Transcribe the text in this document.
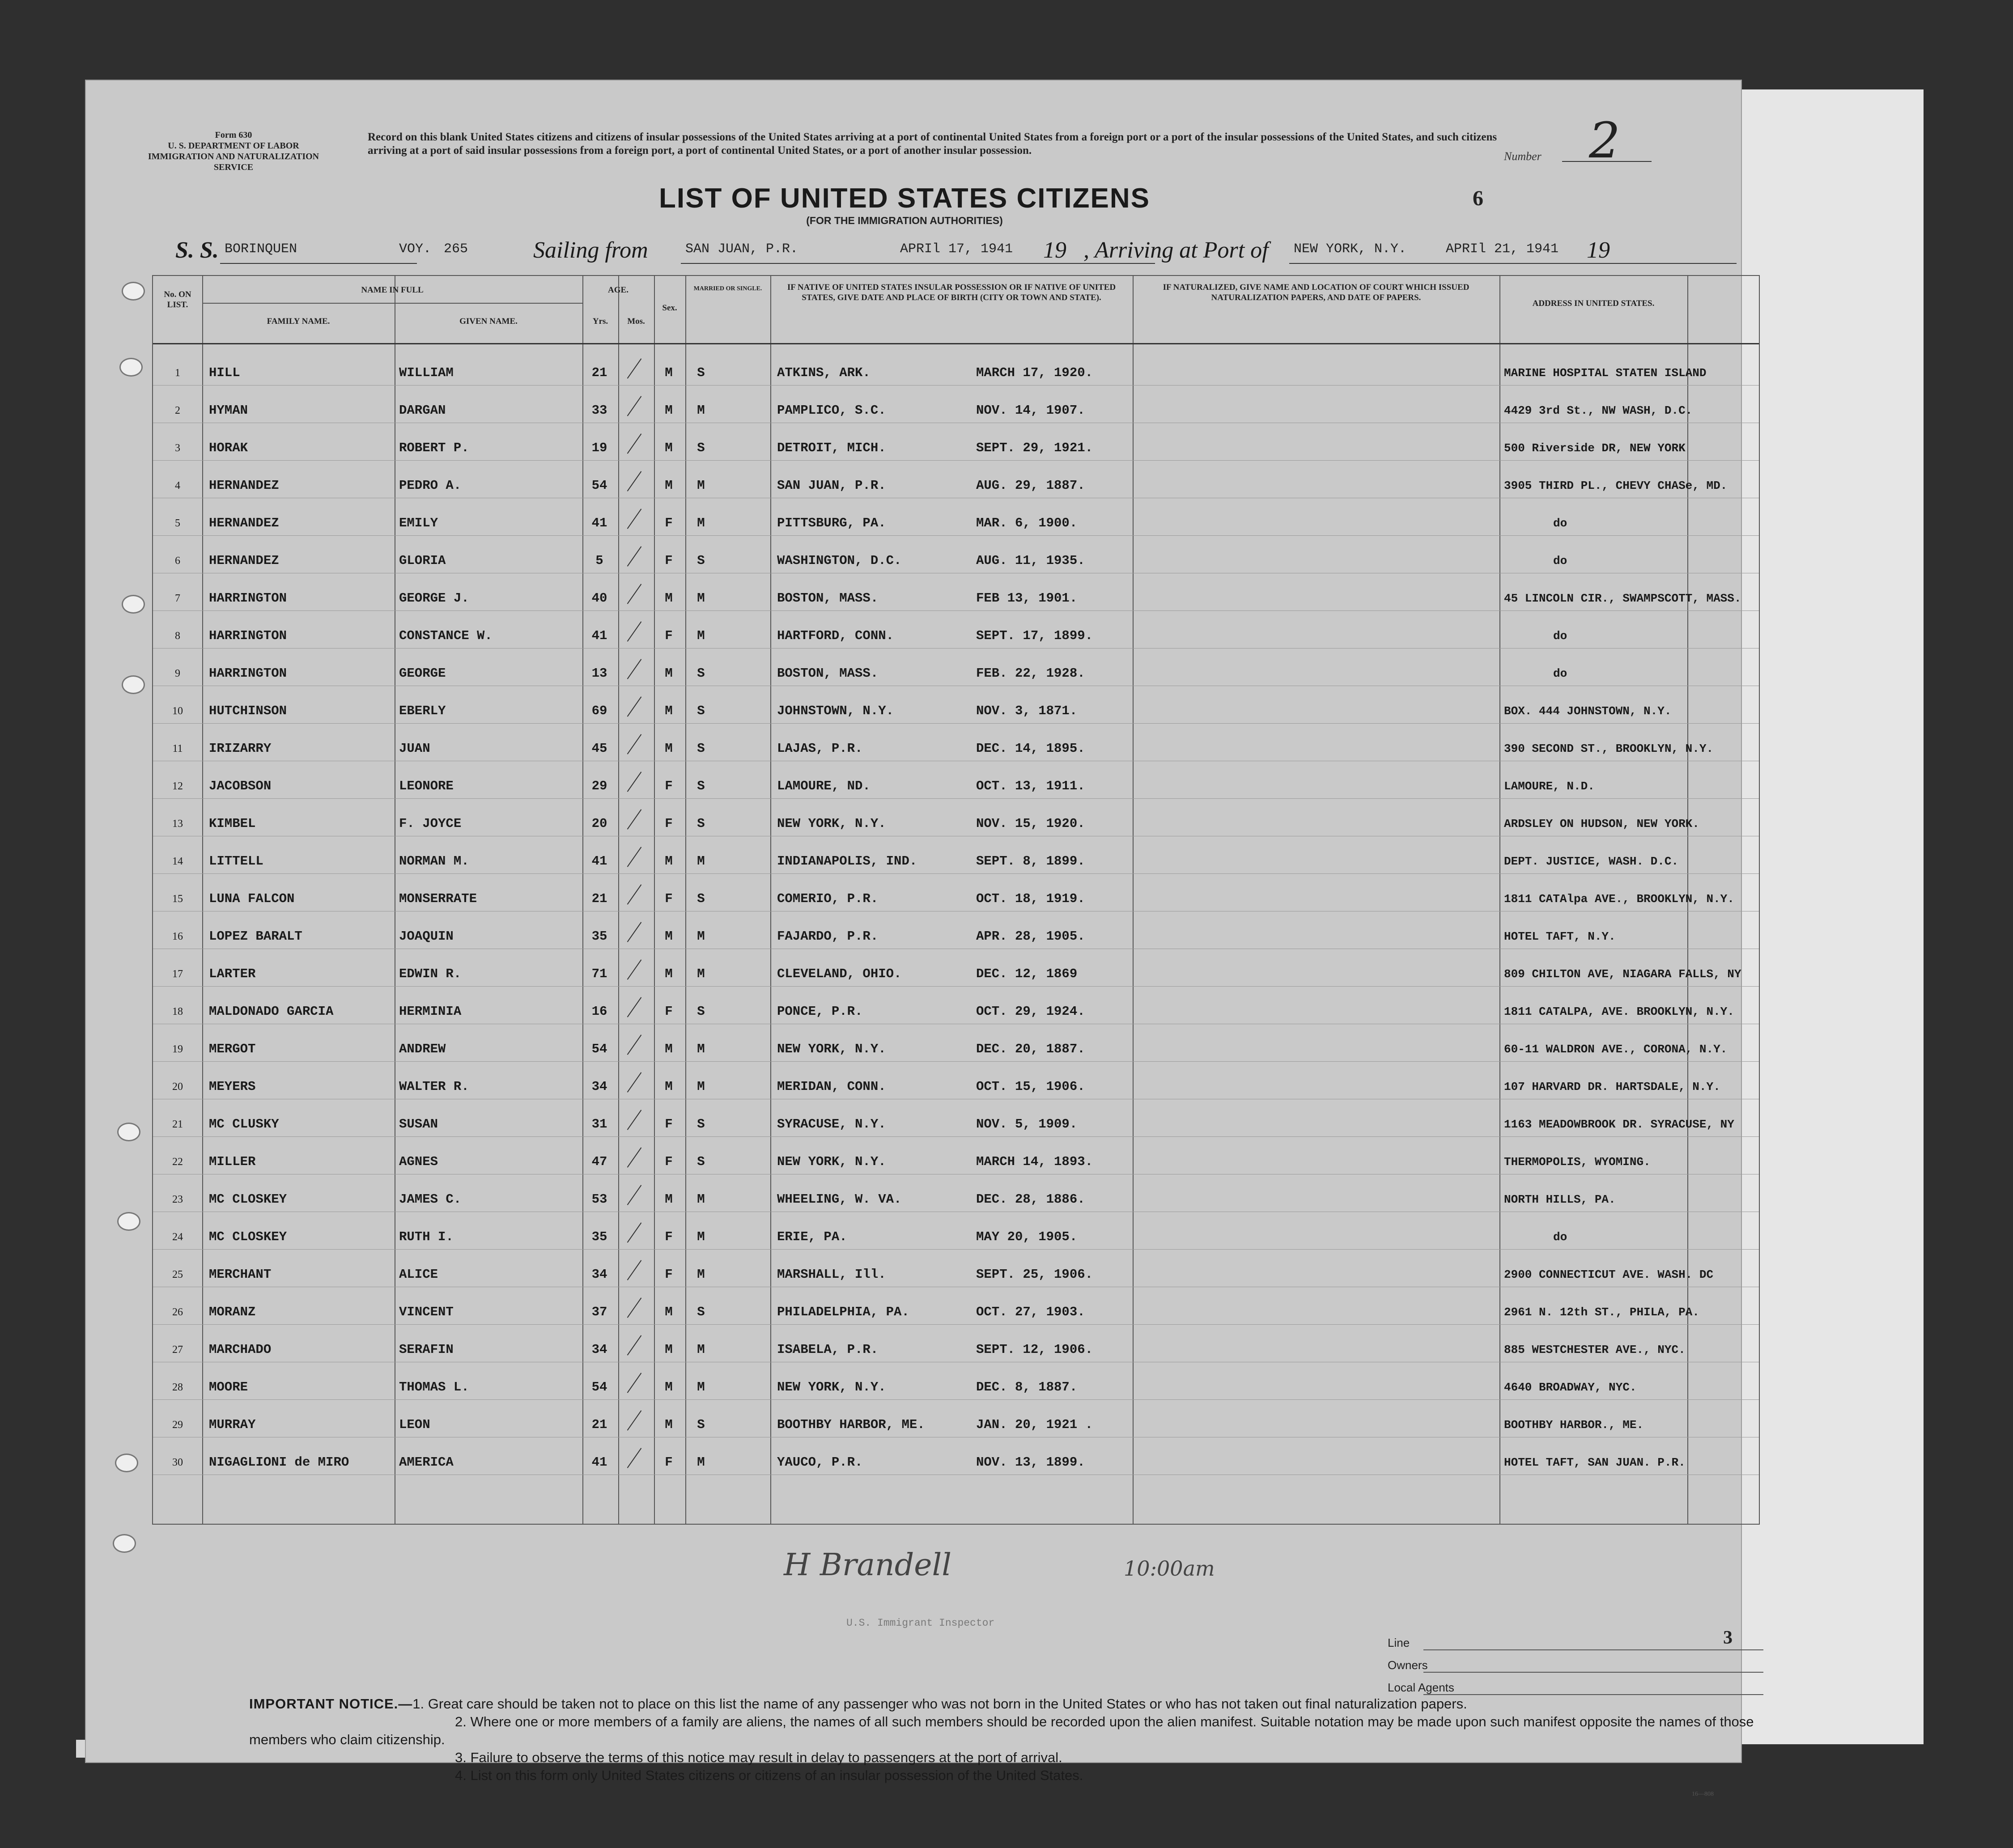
Form 630
U. S. DEPARTMENT OF LABOR
IMMIGRATION AND NATURALIZATION SERVICE
Record on this blank United States citizens and citizens of insular possessions of the United States arriving at a port of continental United States from a foreign port or a port of the insular possessions of the United States, and such citizens arriving at a port of said insular possessions from a foreign port, a port of continental United States, or a port of another insular possession.	Number 2
LIST OF UNITED STATES CITIZENS
(FOR THE IMMIGRATION AUTHORITIES)
6
S. S. BORINQUEN	VOY. 265	Sailing from	SAN JUAN, P.R.	APRIl 17, 1941 19 , Arriving at Port of NEW YORK, N.Y.	APRIl 21, 1941 19
No. ON LIST.
NAME IN FULL
FAMILY NAME.	GIVEN NAME.
AGE.
Yrs.	Mos.
Sex.
MARRIED OR SINGLE.	IF NATIVE OF UNITED STATES INSULAR POSSESSION OR IF NATIVE OF UNITED STATES, GIVE DATE AND PLACE OF BIRTH (CITY OR TOWN AND STATE).
IF NATURALIZED, GIVE NAME AND LOCATION OF COURT WHICH ISSUED NATURALIZATION PAPERS, AND DATE OF PAPERS.
ADDRESS IN UNITED STATES.
1	HILL	WILLIAM	21	M	S	ATKINS, ARK.	MARCH 17, 1920.	MARINE HOSPITAL STATEN ISLAND
2	HYMAN	DARGAN	33	M	M	PAMPLICO, S.C.	NOV. 14, 1907.	4429 3rd St., NW WASH, D.C.
3	HORAK	ROBERT P.	19	M	S	DETROIT, MICH.	SEPT. 29, 1921.	500 Riverside DR, NEW YORK
4	HERNANDEZ	PEDRO A.	54	M	M	SAN JUAN, P.R.	AUG. 29, 1887.	3905 THIRD PL., CHEVY CHASe, MD.
5	HERNANDEZ	EMILY	41	F	M	PITTSBURG, PA.	MAR. 6, 1900.	do
6	HERNANDEZ	GLORIA	5	F	S	WASHINGTON, D.C.	AUG. 11, 1935.	do
7	HARRINGTON	GEORGE J.	40	M	M	BOSTON, MASS.	FEB 13, 1901.	45 LINCOLN CIR., SWAMPSCOTT, MASS.
8	HARRINGTON	CONSTANCE W.	41	F	M	HARTFORD, CONN.	SEPT. 17, 1899.	do
9	HARRINGTON	GEORGE	13	M	S	BOSTON, MASS.	FEB. 22, 1928.	do
10	HUTCHINSON	EBERLY	69	M	S	JOHNSTOWN, N.Y.	NOV. 3, 1871.	BOX. 444 JOHNSTOWN, N.Y.
11	IRIZARRY	JUAN	45	M	S	LAJAS, P.R.	DEC. 14, 1895.	390 SECOND ST., BROOKLYN, N.Y.
12	JACOBSON	LEONORE	29	F	S	LAMOURE, ND.	OCT. 13, 1911.	LAMOURE, N.D.
13	KIMBEL	F. JOYCE	20	F	S	NEW YORK, N.Y.	NOV. 15, 1920.	ARDSLEY ON HUDSON, NEW YORK.
14	LITTELL	NORMAN M.	41	M	M	INDIANAPOLIS, IND.	SEPT. 8, 1899.	DEPT. JUSTICE, WASH. D.C.
15	LUNA FALCON	MONSERRATE	21	F	S	COMERIO, P.R.	OCT. 18, 1919.	1811 CATAlpa AVE., BROOKLYN, N.Y.
16	LOPEZ BARALT	JOAQUIN	35	M	M	FAJARDO, P.R.	APR. 28, 1905.	HOTEL TAFT, N.Y.
17	LARTER	EDWIN R.	71	M	M	CLEVELAND, OHIO.	DEC. 12, 1869	809 CHILTON AVE, NIAGARA FALLS, NY
18	MALDONADO GARCIA	HERMINIA	16	F	S	PONCE, P.R.	OCT. 29, 1924.	1811 CATALPA, AVE. BROOKLYN, N.Y.
19	MERGOT	ANDREW	54	M	M	NEW YORK, N.Y.	DEC. 20, 1887.	60-11 WALDRON AVE., CORONA, N.Y.
20	MEYERS	WALTER R.	34	M	M	MERIDAN, CONN.	OCT. 15, 1906.	107 HARVARD DR. HARTSDALE, N.Y.
21	MC CLUSKY	SUSAN	31	F	S	SYRACUSE, N.Y.	NOV. 5, 1909.	1163 MEADOWBROOK DR. SYRACUSE, NY
22	MILLER	AGNES	47	F	S	NEW YORK, N.Y.	MARCH 14, 1893.	THERMOPOLIS, WYOMING.
23	MC CLOSKEY	JAMES C.	53	M	M	WHEELING, W. VA.	DEC. 28, 1886.	NORTH HILLS, PA.
24	MC CLOSKEY	RUTH I.	35	F	M	ERIE, PA.	MAY 20, 1905.	do
25	MERCHANT	ALICE	34	F	M	MARSHALL, Ill.	SEPT. 25, 1906.	2900 CONNECTICUT AVE. WASH. DC
26	MORANZ	VINCENT	37	M	S	PHILADELPHIA, PA.	OCT. 27, 1903.	2961 N. 12th ST., PHILA, PA.
27	MARCHADO	SERAFIN	34	M	M	ISABELA, P.R.	SEPT. 12, 1906.	885 WESTCHESTER AVE., NYC.
28	MOORE	THOMAS L.	54	M	M	NEW YORK, N.Y.	DEC. 8, 1887.	4640 BROADWAY, NYC.
29	MURRAY	LEON	21	M	S	BOOTHBY HARBOR, ME.	JAN. 20, 1921 .	BOOTHBY HARBOR., ME.
30	NIGAGLIONI de MIRO	AMERICA	41	F	M	YAUCO, P.R.	NOV. 13, 1899.	HOTEL TAFT, SAN JUAN. P.R.
H Brandell	10:00am
U.S. Immigrant Inspector
Line	3
Owners
Local Agents
IMPORTANT NOTICE.—1. Great care should be taken not to place on this list the name of any passenger who was not born in the United States or who has not taken out final naturalization papers.
2. Where one or more members of a family are aliens, the names of all such members should be recorded upon the alien manifest. Suitable notation may be made upon such manifest opposite the names of those members who claim citizenship.
3. Failure to observe the terms of this notice may result in delay to passengers at the port of arrival.
4. List on this form only United States citizens or citizens of an insular possession of the United States.
16—808
